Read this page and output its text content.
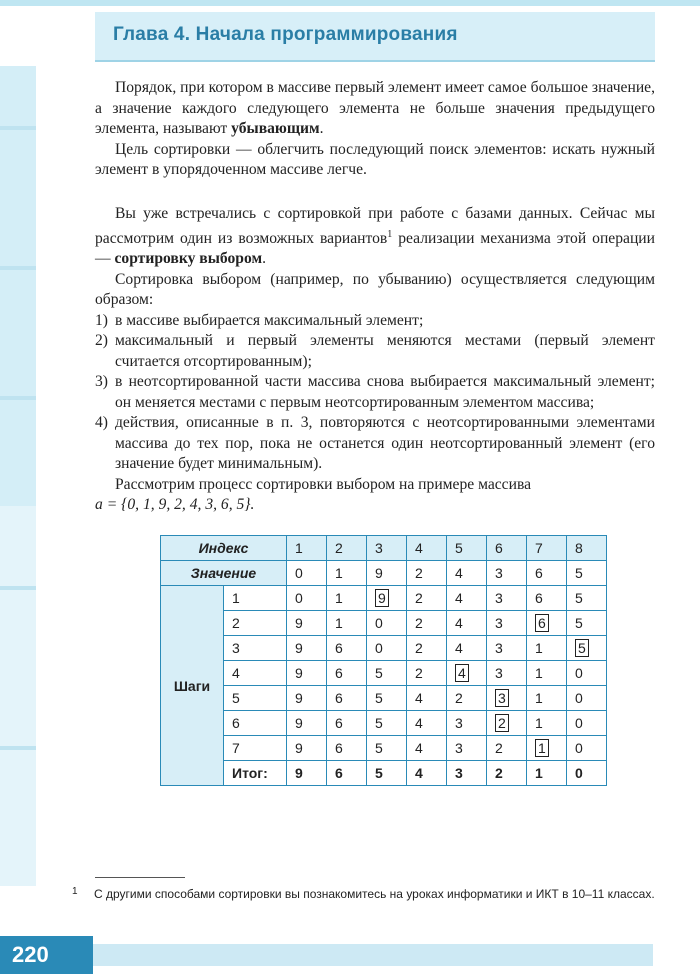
Глава 4. Начала программирования

Порядок, при котором в массиве первый элемент имеет самое большое значение, а значение каждого следующего элемента не больше значения предыдущего элемента, называют убывающим.

Цель сортировки — облегчить последующий поиск элементов: искать нужный элемент в упорядоченном массиве легче.

Вы уже встречались с сортировкой при работе с базами данных. Сейчас мы рассмотрим один из возможных вариантов$^1$ реализации механизма этой операции — сортировку выбором.

Сортировка выбором (например, по убыванию) осуществляется следующим образом:

1) в массиве выбирается максимальный элемент;
2) максимальный и первый элементы меняются местами (первый элемент считается отсортированным);
3) в неотсортированной части массива снова выбирается максимальный элемент; он меняется местами с первым неотсортированным элементом массива;
4) действия, описанные в п. 3, повторяются с неотсортированными элементами массива до тех пор, пока не останется один неотсортированный элемент (его значение будет минимальным).

Рассмотрим процесс сортировки выбором на примере массива
a = {0, 1, 9, 2, 4, 3, 6, 5}.

Индекс		1	2	3	4	5	6	7	8
Значение		0	1	9	2	4	3	6	5
Шаги	1	0	1	9	2	4	3	6	5
	2	9	1	0	2	4	3	6	5
	3	9	6	0	2	4	3	1	5
	4	9	6	5	2	4	3	1	0
	5	9	6	5	4	2	3	1	0
	6	9	6	5	4	3	2	1	0
	7	9	6	5	4	3	2	1	0
	Итог:	9	6	5	4	3	2	1	0
1 С другими способами сортировки вы познакомитесь на уроках информатики и ИКТ в 10–11 классах.
220
